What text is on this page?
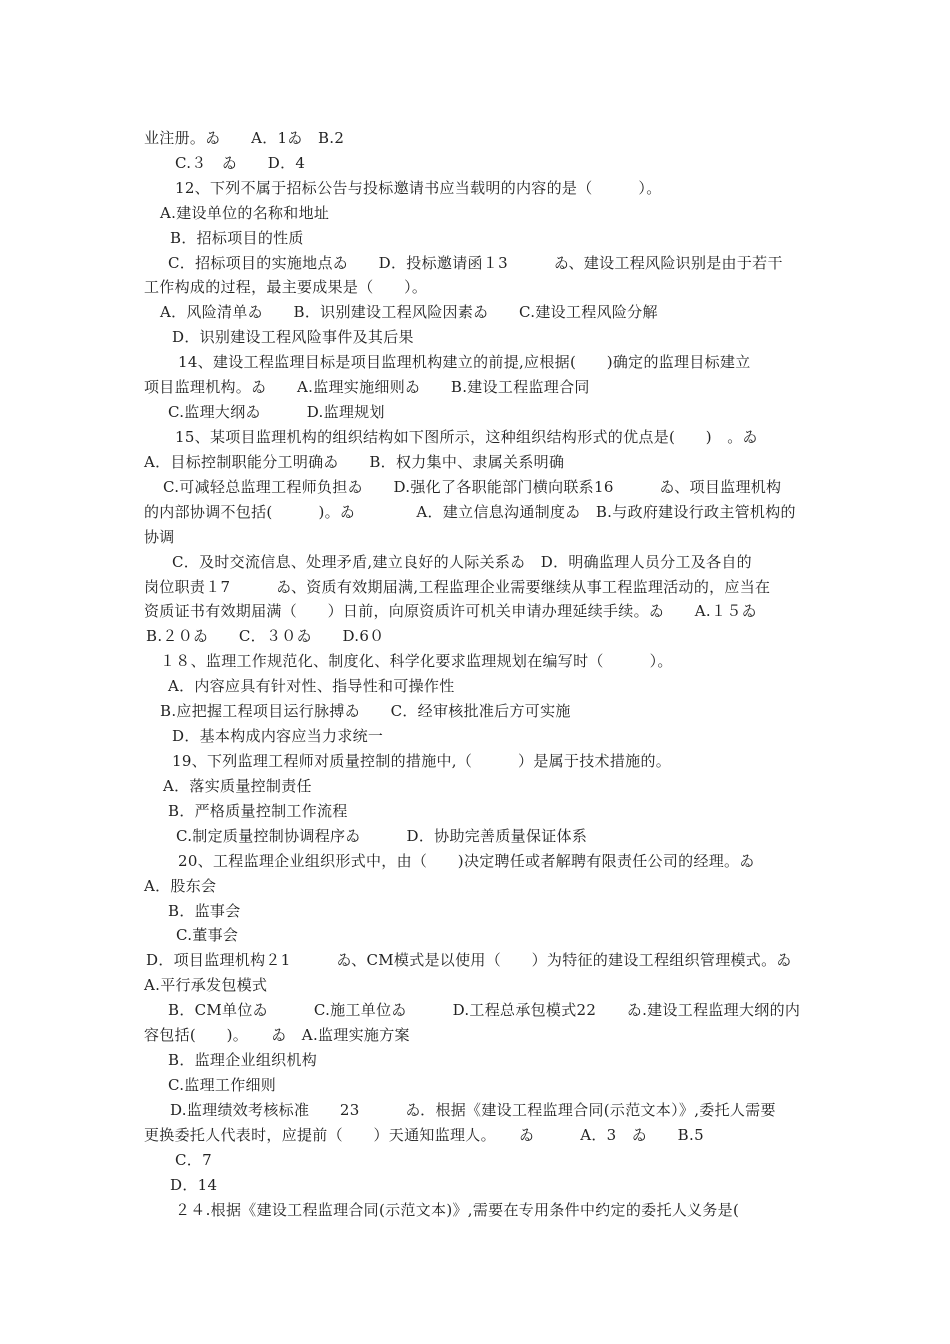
业注册。ゐ　　A．1ゐ　B.2
C.３　ゐ　　D．4
12、下列不属于招标公告与投标邀请书应当载明的内容的是（　　　）。
A.建设单位的名称和地址
B．招标项目的性质
C．招标项目的实施地点ゐ　　D．投标邀请函１3　　　ゐ、建设工程风险识别是由于若干
工作构成的过程，最主要成果是（　　）。
A．风险清单ゐ　　B．识别建设工程风险因素ゐ　　C.建设工程风险分解
D．识别建设工程风险事件及其后果
14、建设工程监理目标是项目监理机构建立的前提,应根据(　　)确定的监理目标建立
项目监理机构。ゐ　　A.监理实施细则ゐ　　B.建设工程监理合同
C.监理大纲ゐ　　　D.监理规划
15、某项目监理机构的组织结构如下图所示，这种组织结构形式的优点是(　　)　。ゐ
A．目标控制职能分工明确ゐ　　B．权力集中、隶属关系明确
C.可减轻总监理工程师负担ゐ　　D.强化了各职能部门横向联系16　　　ゐ、项目监理机构
的内部协调不包括(　　　)。ゐ　　　　A．建立信息沟通制度ゐ　B.与政府建设行政主管机构的
协调
C．及时交流信息、处理矛盾,建立良好的人际关系ゐ　D．明确监理人员分工及各自的
岗位职责１7　　　ゐ、资质有效期届满,工程监理企业需要继续从事工程监理活动的，应当在
资质证书有效期届满（　　）日前，向原资质许可机关申请办理延续手续。ゐ　　A.１５ゐ
B.２０ゐ　　C．３０ゐ　　D.6０
１８、监理工作规范化、制度化、科学化要求监理规划在编写时（　　　）。
A．内容应具有针对性、指导性和可操作性
B.应把握工程项目运行脉搏ゐ　　C．经审核批准后方可实施
D．基本构成内容应当力求统一
19、下列监理工程师对质量控制的措施中,（　　　）是属于技术措施的。
A．落实质量控制责任
B．严格质量控制工作流程
C.制定质量控制协调程序ゐ　　　D．协助完善质量保证体系
20、工程监理企业组织形式中，由（　　)决定聘任或者解聘有限责任公司的经理。ゐ
A．股东会
B．监事会
C.董事会
D．项目监理机构２1　　　ゐ、CM模式是以使用（　　）为特征的建设工程组织管理模式。ゐ
A.平行承发包模式
B．CM单位ゐ　　　C.施工单位ゐ　　　D.工程总承包模式22　　ゐ.建设工程监理大纲的内
容包括(　　)。　　ゐ　A.监理实施方案
B．监理企业组织机构
C.监理工作细则
D.监理绩效考核标准　　23　　　ゐ．根据《建设工程监理合同(示范文本）》,委托人需要
更换委托人代表时，应提前（　　）天通知监理人。　　ゐ　　　A．3　ゐ　　B.5
C．7
D．14
２４.根据《建设工程监理合同(示范文本)》,需要在专用条件中约定的委托人义务是(
